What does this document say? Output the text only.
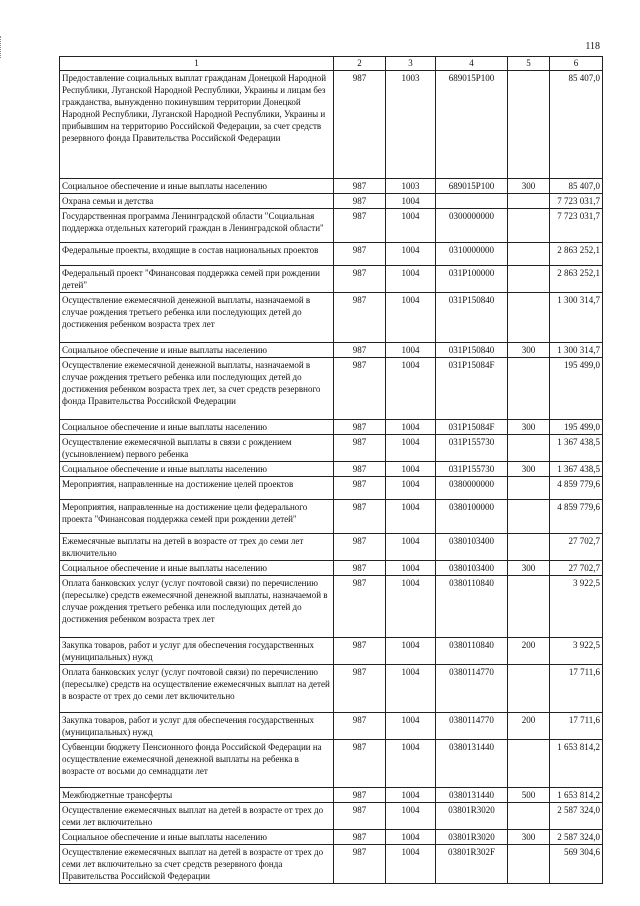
118
1	2	3	4	5	6
Предоставление социальных выплат гражданам Донецкой Народной Республики, Луганской Народной Республики, Украины и лицам без гражданства, вынужденно покинувшим территории Донецкой Народной Республики, Луганской Народной Республики, Украины и прибывшим на территорию Российской Федерации, за счет средств резервного фонда Правительства Российской Федерации	987	1003	689015P100		85 407,0
Социальное обеспечение и иные выплаты населению	987	1003	689015P100	300	85 407,0
Охрана семьи и детства	987	1004			7 723 031,7
Государственная программа Ленинградской области "Социальная поддержка отдельных категорий граждан в Ленинградской области"	987	1004	0300000000		7 723 031,7
Федеральные проекты, входящие в состав национальных проектов	987	1004	0310000000		2 863 252,1
Федеральный проект "Финансовая поддержка семей при рождении детей"	987	1004	031P100000		2 863 252,1
Осуществление ежемесячной денежной выплаты, назначаемой в случае рождения третьего ребенка или последующих детей до достижения ребенком возраста трех лет	987	1004	031P150840		1 300 314,7
Социальное обеспечение и иные выплаты населению	987	1004	031P150840	300	1 300 314,7
Осуществление ежемесячной денежной выплаты, назначаемой в случае рождения третьего ребенка или последующих детей до достижения ребенком возраста трех лет, за счет средств резервного фонда Правительства Российской Федерации	987	1004	031P15084F		195 499,0
Социальное обеспечение и иные выплаты населению	987	1004	031P15084F	300	195 499,0
Осуществление ежемесячной выплаты в связи с рождением (усыновлением) первого ребенка	987	1004	031P155730		1 367 438,5
Социальное обеспечение и иные выплаты населению	987	1004	031P155730	300	1 367 438,5
Мероприятия, направленные на достижение целей проектов	987	1004	0380000000		4 859 779,6
Мероприятия, направленные на достижение цели федерального проекта "Финансовая поддержка семей при рождении детей"	987	1004	0380100000		4 859 779,6
Ежемесячные выплаты на детей в возрасте от трех до семи лет включительно	987	1004	0380103400		27 702,7
Социальное обеспечение и иные выплаты населению	987	1004	0380103400	300	27 702,7
Оплата банковских услуг (услуг почтовой связи) по перечислению (пересылке) средств ежемесячной денежной выплаты, назначаемой в случае рождения третьего ребенка или последующих детей до достижения ребенком возраста трех лет	987	1004	0380110840		3 922,5
Закупка товаров, работ и услуг для обеспечения государственных (муниципальных) нужд	987	1004	0380110840	200	3 922,5
Оплата банковских услуг (услуг почтовой связи) по перечислению (пересылке) средств на осуществление ежемесячных выплат на детей в возрасте от трех до семи лет включительно	987	1004	0380114770		17 711,6
Закупка товаров, работ и услуг для обеспечения государственных (муниципальных) нужд	987	1004	0380114770	200	17 711,6
Субвенции бюджету Пенсионного фонда Российской Федерации на осуществление ежемесячной денежной выплаты на ребенка в возрасте от восьми до семнадцати лет	987	1004	0380131440		1 653 814,2
Межбюджетные трансферты	987	1004	0380131440	500	1 653 814,2
Осуществление ежемесячных выплат на детей в возрасте от трех до семи лет включительно	987	1004	03801R3020		2 587 324,0
Социальное обеспечение и иные выплаты населению	987	1004	03801R3020	300	2 587 324,0
Осуществление ежемесячных выплат на детей в возрасте от трех до семи лет включительно за счет средств резервного фонда Правительства Российской Федерации	987	1004	03801R302F		569 304,6
